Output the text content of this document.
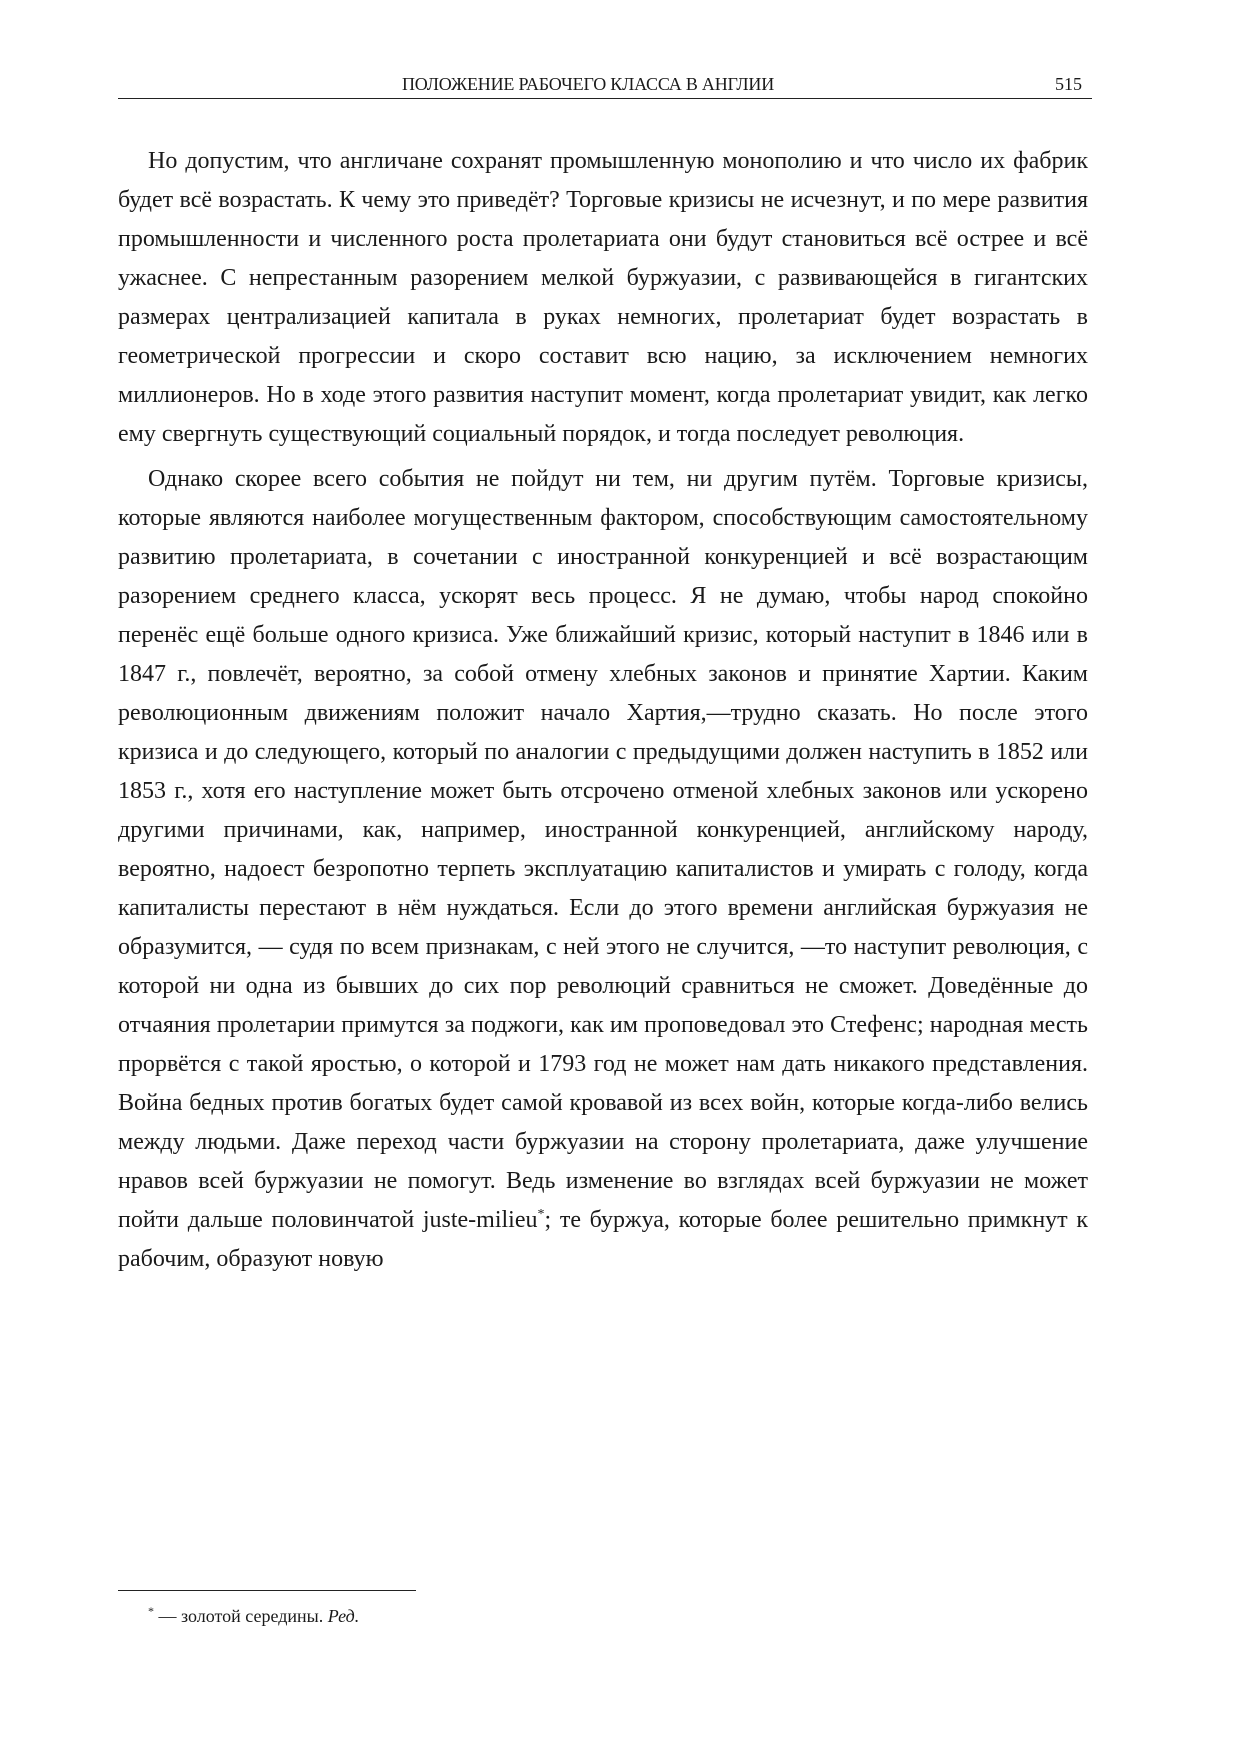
ПОЛОЖЕНИЕ РАБОЧЕГО КЛАССА В АНГЛИИ	515

Но допустим, что англичане сохранят промышленную монополию и что число их фабрик будет всё возрастать. К чему это приведёт? Торговые кризисы не исчезнут, и по мере развития промышленности и численного роста пролетариата они будут становиться всё острее и всё ужаснее. С непрестанным разорением мелкой буржуазии, с развивающейся в гигантских размерах централизацией капитала в руках немногих, пролетариат будет возрастать в геометрической прогрессии и скоро составит всю нацию, за исключением немногих миллионеров. Но в ходе этого развития наступит момент, когда пролетариат увидит, как легко ему свергнуть существующий социальный порядок, и тогда последует революция.

Однако скорее всего события не пойдут ни тем, ни другим путём. Торговые кризисы, которые являются наиболее могущественным фактором, способствующим самостоятельному развитию пролетариата, в сочетании с иностранной конкуренцией и всё возрастающим разорением среднего класса, ускорят весь процесс. Я не думаю, чтобы народ спокойно перенёс ещё больше одного кризиса. Уже ближайший кризис, который наступит в 1846 или в 1847 г., повлечёт, вероятно, за собой отмену хлебных законов и принятие Хартии. Каким революционным движениям положит начало Хартия,—трудно сказать. Но после этого кризиса и до следующего, который по аналогии с предыдущими должен наступить в 1852 или 1853 г., хотя его наступление может быть отсрочено отменой хлебных законов или ускорено другими причинами, как, например, иностранной конкуренцией, английскому народу, вероятно, надоест безропотно терпеть эксплуатацию капиталистов и умирать с голоду, когда капиталисты перестают в нём нуждаться. Если до этого времени английская буржуазия не образумится, — судя по всем признакам, с ней этого не случится, —то наступит революция, с которой ни одна из бывших до сих пор революций сравниться не сможет. Доведённые до отчаяния пролетарии примутся за поджоги, как им проповедовал это Стефенс; народная месть прорвётся с такой яростью, о которой и 1793 год не может нам дать никакого представления. Война бедных против богатых будет самой кровавой из всех войн, которые когда-либо велись между людьми. Даже переход части буржуазии на сторону пролетариата, даже улучшение нравов всей буржуазии не помогут. Ведь изменение во взглядах всей буржуазии не может пойти дальше половинчатой juste-milieu*; те буржуа, которые более решительно примкнут к рабочим, образуют новую

* — золотой середины. Ред.
